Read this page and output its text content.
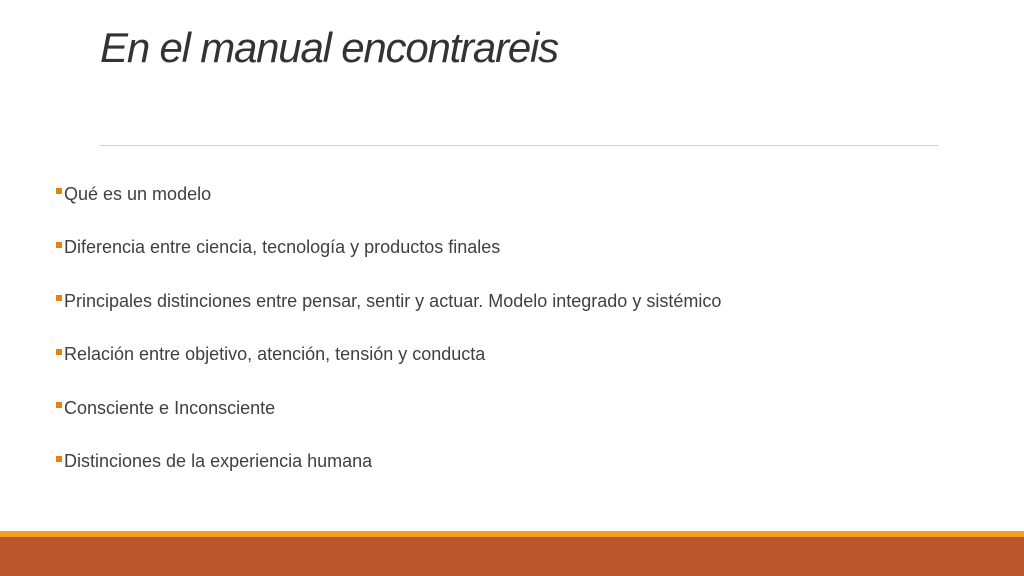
En el manual encontrareis
Qué es un modelo
Diferencia entre ciencia, tecnología y productos finales
Principales distinciones entre pensar, sentir y actuar. Modelo integrado y sistémico
Relación entre objetivo, atención, tensión y conducta
Consciente e Inconsciente
Distinciones de la experiencia humana
